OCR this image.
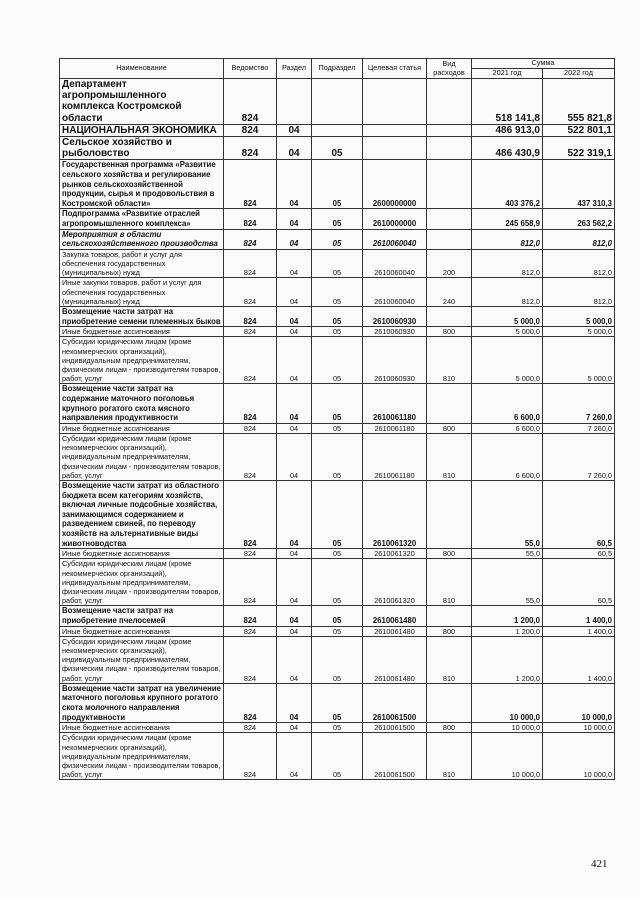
Наименование	Ведомство	Раздел	Подраздел	Целевая статья	Вид расходов	Сумма	
						2021 год	2022 год
Департамент агропромышленного комплекса Костромской области	824					518 141,8	555 821,8
НАЦИОНАЛЬНАЯ ЭКОНОМИКА	824	04				486 913,0	522 801,1
Сельское хозяйство и рыболовство	824	04	05			486 430,9	522 319,1
Государственная программа «Развитие сельского хозяйства и регулирование рынков сельскохозяйственной продукции, сырья и продовольствия в Костромской области»	824	04	05	2600000000		403 376,2	437 310,3
Подпрограмма «Развитие отраслей агропромышленного комплекса»	824	04	05	2610000000		245 658,9	263 562,2
Мероприятия в области сельскохозяйственного производства	824	04	05	2610060040		812,0	812,0
Закупка товаров, работ и услуг для обеспечения государственных (муниципальных) нужд	824	04	05	2610060040	200	812,0	812,0
Иные закупки товаров, работ и услуг для обеспечения государственных (муниципальных) нужд	824	04	05	2610060040	240	812,0	812,0
Возмещение части затрат на приобретение семени племенных быков	824	04	05	2610060930		5 000,0	5 000,0
Иные бюджетные ассигнования	824	04	05	2610060930	800	5 000,0	5 000,0
Субсидии юридическим лицам (кроме некоммерческих организаций), индивидуальным предпринимателям, физическим лицам - производителям товаров, работ, услуг	824	04	05	2610060930	810	5 000,0	5 000,0
Возмещение части затрат на содержание маточного поголовья крупного рогатого скота мясного направления продуктивности	824	04	05	2610061180		6 600,0	7 260,0
Иные бюджетные ассигнования	824	04	05	2610061180	800	6 600,0	7 260,0
Субсидии юридическим лицам (кроме некоммерческих организаций), индивидуальным предпринимателям, физическим лицам - производителям товаров, работ, услуг	824	04	05	2610061180	810	6 600,0	7 260,0
Возмещение части затрат из областного бюджета всем категориям хозяйств, включая личные подсобные хозяйства, занимающимся содержанием и разведением свиней, по переводу хозяйств на альтернативные виды животноводства	824	04	05	2610061320		55,0	60,5
Иные бюджетные ассигнования	824	04	05	2610061320	800	55,0	60,5
Субсидии юридическим лицам (кроме некоммерческих организаций), индивидуальным предпринимателям, физическим лицам - производителям товаров, работ, услуг	824	04	05	2610061320	810	55,0	60,5
Возмещение части затрат на приобретение пчелосемей	824	04	05	2610061480		1 200,0	1 400,0
Иные бюджетные ассигнования	824	04	05	2610061480	800	1 200,0	1 400,0
Субсидии юридическим лицам (кроме некоммерческих организаций), индивидуальным предпринимателям, физическим лицам - производителям товаров, работ, услуг	824	04	05	2610061480	810	1 200,0	1 400,0
Возмещение части затрат на увеличение маточного поголовья крупного рогатого скота молочного направления продуктивности	824	04	05	2610061500		10 000,0	10 000,0
Иные бюджетные ассигнования	824	04	05	2610061500	800	10 000,0	10 000,0
Субсидии юридическим лицам (кроме некоммерческих организаций), индивидуальным предпринимателям, физическим лицам - производителям товаров, работ, услуг	824	04	05	2610061500	810	10 000,0	10 000,0
421
